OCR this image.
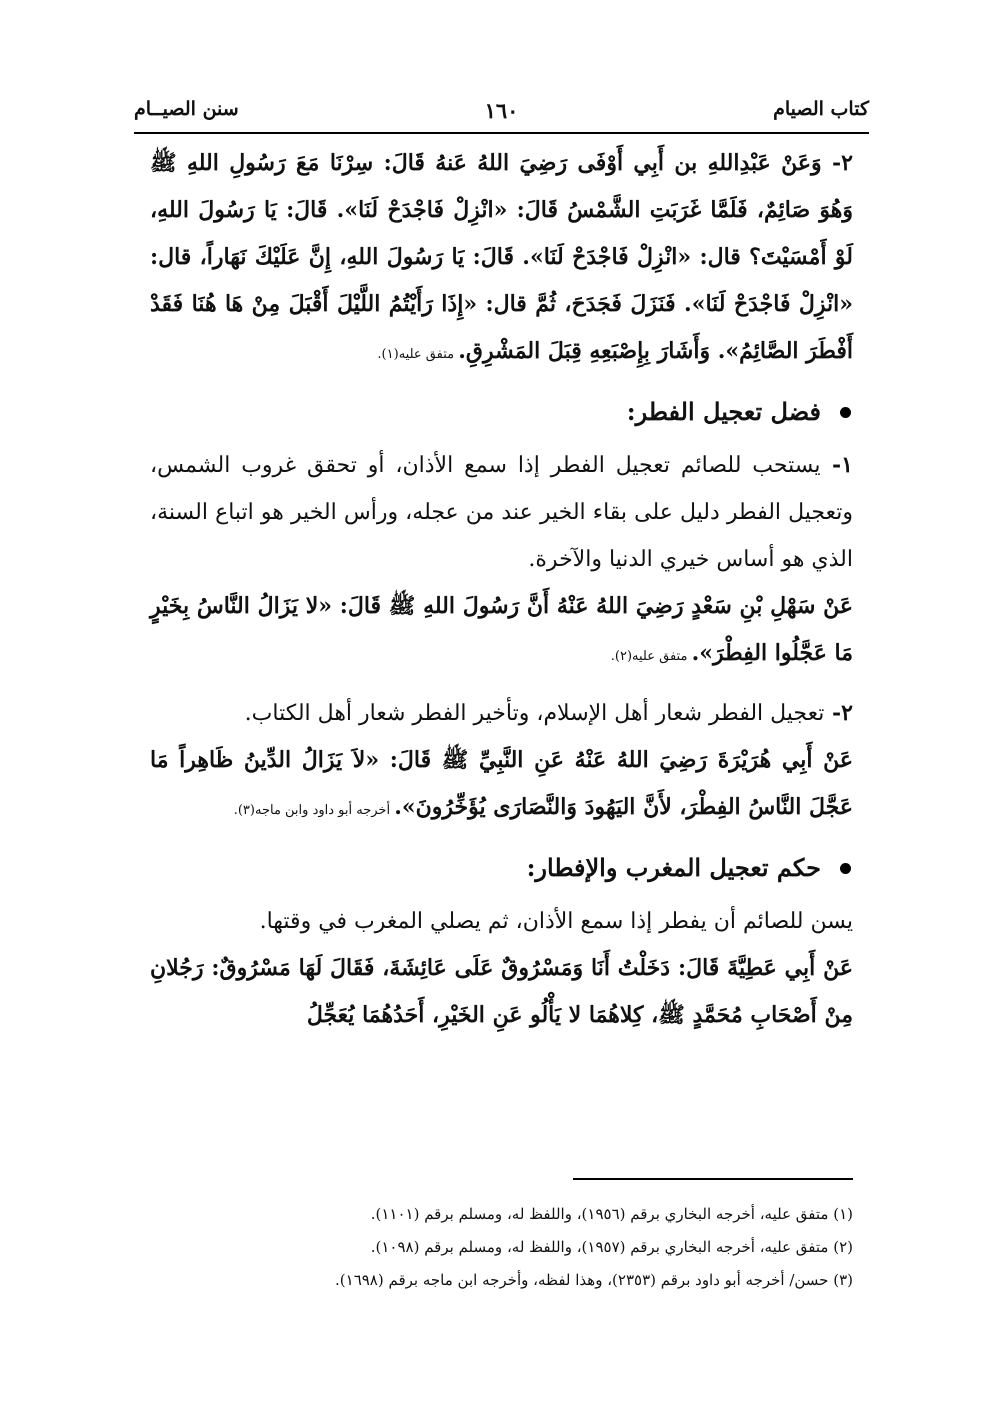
كتاب الصيام
١٦٠
سنن الصيــام

٢- وَعَنْ عَبْدِاللهِ بن أَبِي أَوْفَى رَضِيَ اللهُ عَنهُ قَالَ: سِرْنَا مَعَ رَسُولِ اللهِ ﷺ وَهُوَ صَائِمٌ، فَلَمَّا غَرَبَتِ الشَّمْسُ قَالَ: «انْزِلْ فَاجْدَحْ لَنَا». قَالَ: يَا رَسُولَ اللهِ، لَوْ أَمْسَيْتَ؟ قال: «انْزِلْ فَاجْدَحْ لَنَا». قَالَ: يَا رَسُولَ اللهِ، إِنَّ عَلَيْكَ نَهَاراً، قال: «انْزِلْ فَاجْدَحْ لَنَا». فَنَزَلَ فَجَدَحَ، ثُمَّ قال: «إِذَا رَأَيْتُمُ اللَّيْلَ أَقْبَلَ مِنْ هَا هُنَا فَقَدْ أَفْطَرَ الصَّائِمُ». وَأَشَارَ بِإِصْبَعِهِ قِبَلَ المَشْرِقِ. متفق عليه(١).

فضل تعجيل الفطر:

١- يستحب للصائم تعجيل الفطر إذا سمع الأذان، أو تحقق غروب الشمس، وتعجيل الفطر دليل على بقاء الخير عند من عجله، ورأس الخير هو اتباع السنة، الذي هو أساس خيري الدنيا والآخرة.

عَنْ سَهْلِ بْنِ سَعْدٍ رَضِيَ اللهُ عَنْهُ أَنَّ رَسُولَ اللهِ ﷺ قَالَ: «لا يَزَالُ النَّاسُ بِخَيْرٍ مَا عَجَّلُوا الفِطْرَ». متفق عليه(٢).

٢- تعجيل الفطر شعار أهل الإسلام، وتأخير الفطر شعار أهل الكتاب.

عَنْ أَبِي هُرَيْرَةَ رَضِيَ اللهُ عَنْهُ عَنِ النَّبِيِّ ﷺ قَالَ: «لاَ يَزَالُ الدِّينُ ظَاهِراً مَا عَجَّلَ النَّاسُ الفِطْرَ، لأَنَّ اليَهُودَ وَالنَّصَارَى يُؤَخِّرُونَ». أخرجه أبو داود وابن ماجه(٣).

حكم تعجيل المغرب والإفطار:

يسن للصائم أن يفطر إذا سمع الأذان، ثم يصلي المغرب في وقتها.

عَنْ أَبِي عَطِيَّةَ قَالَ: دَخَلْتُ أَنَا وَمَسْرُوقٌ عَلَى عَائِشَةَ، فَقَالَ لَهَا مَسْرُوقٌ: رَجُلانِ مِنْ أَصْحَابِ مُحَمَّدٍ ﷺ، كِلاهُمَا لا يَأْلُو عَنِ الخَيْرِ، أَحَدُهُمَا يُعَجِّلُ

(١) متفق عليه، أخرجه البخاري برقم (١٩٥٦)، واللفظ له، ومسلم برقم (١١٠١).

(٢) متفق عليه، أخرجه البخاري برقم (١٩٥٧)، واللفظ له، ومسلم برقم (١٠٩٨).

(٣) حسن/ أخرجه أبو داود برقم (٢٣٥٣)، وهذا لفظه، وأخرجه ابن ماجه برقم (١٦٩٨).
